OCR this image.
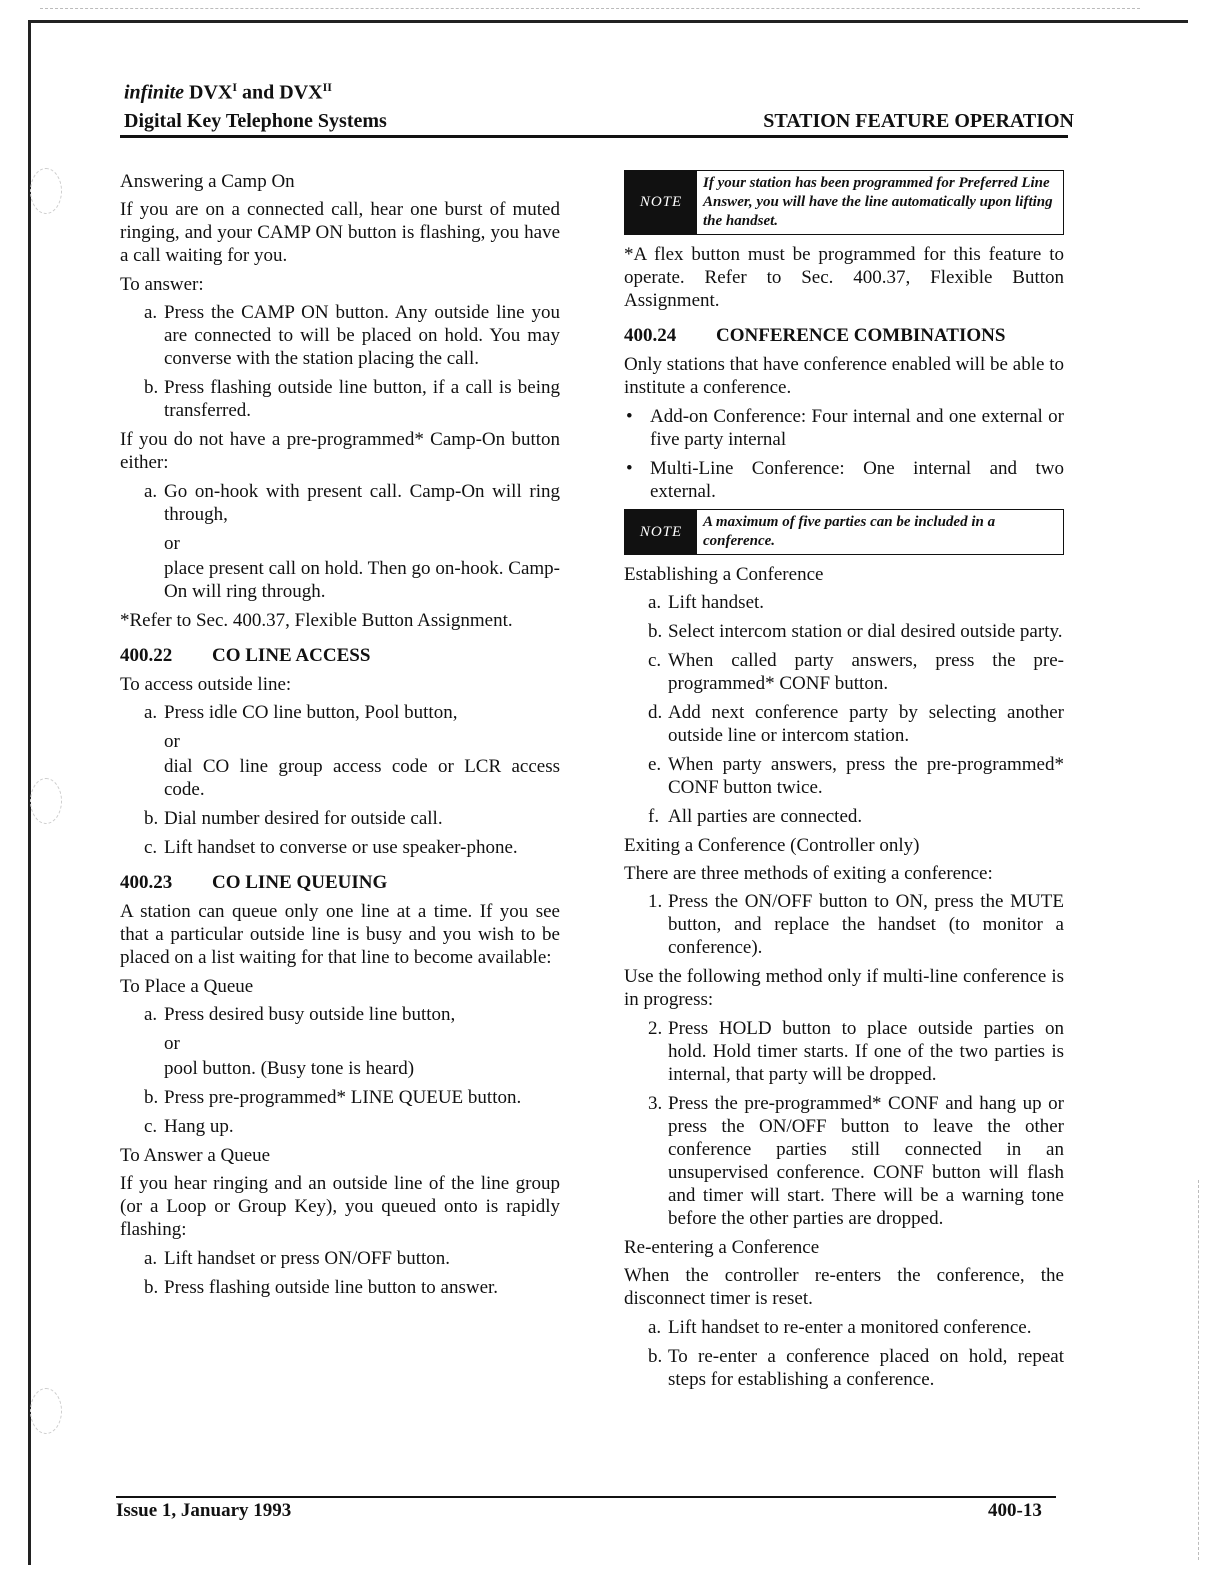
infinite $DVX^I$ and $DVX^{II}$
Digital Key Telephone Systems	STATION FEATURE OPERATION

Answering a Camp On

If you are on a connected call, hear one burst of muted ringing, and your CAMP ON button is flashing, you have a call waiting for you.

To answer:

a. Press the CAMP ON button. Any outside line you are connected to will be placed on hold. You may converse with the station placing the call.
b. Press flashing outside line button, if a call is being transferred.

If you do not have a pre-programmed* Camp-On button either:

a. Go on-hook with present call. Camp-On will ring through,
or
place present call on hold. Then go on-hook. Camp-On will ring through.

*Refer to Sec. 400.37, Flexible Button Assignment.

400.22 CO LINE ACCESS

To access outside line:

a. Press idle CO line button, Pool button,
or
dial CO line group access code or LCR access code.
b. Dial number desired for outside call.
c. Lift handset to converse or use speaker-phone.
400.23 CO LINE QUEUING

A station can queue only one line at a time. If you see that a particular outside line is busy and you wish to be placed on a list waiting for that line to become available:

To Place a Queue

a. Press desired busy outside line button,
or
pool button. (Busy tone is heard)
b. Press pre-programmed* LINE QUEUE button.
c. Hang up.

To Answer a Queue

If you hear ringing and an outside line of the line group (or a Loop or Group Key), you queued onto is rapidly flashing:

a. Lift handset or press ON/OFF button.
b. Press flashing outside line button to answer.
NOTE
If your station has been programmed for Preferred Line Answer, you will have the line automatically upon lifting the handset.

*A flex button must be programmed for this feature to operate. Refer to Sec. 400.37, Flexible Button Assignment.

400.24 CONFERENCE COMBINATIONS

Only stations that have conference enabled will be able to institute a conference.

• Add-on Conference: Four internal and one external or five party internal
• Multi-Line Conference: One internal and two external.
NOTE
A maximum of five parties can be included in a conference.

Establishing a Conference

a. Lift handset.
b. Select intercom station or dial desired outside party.
c. When called party answers, press the pre-programmed* CONF button.
d. Add next conference party by selecting another outside line or intercom station.
e. When party answers, press the pre-programmed* CONF button twice.
f. All parties are connected.

Exiting a Conference (Controller only)

There are three methods of exiting a conference:

1. Press the ON/OFF button to ON, press the MUTE button, and replace the handset (to monitor a conference).

Use the following method only if multi-line conference is in progress:

2. Press HOLD button to place outside parties on hold. Hold timer starts. If one of the two parties is internal, that party will be dropped.
3. Press the pre-programmed* CONF and hang up or press the ON/OFF button to leave the other conference parties still connected in an unsupervised conference. CONF button will flash and timer will start. There will be a warning tone before the other parties are dropped.

Re-entering a Conference

When the controller re-enters the conference, the disconnect timer is reset.

a. Lift handset to re-enter a monitored conference.
b. To re-enter a conference placed on hold, repeat steps for establishing a conference.
Issue 1, January 1993	400-13
